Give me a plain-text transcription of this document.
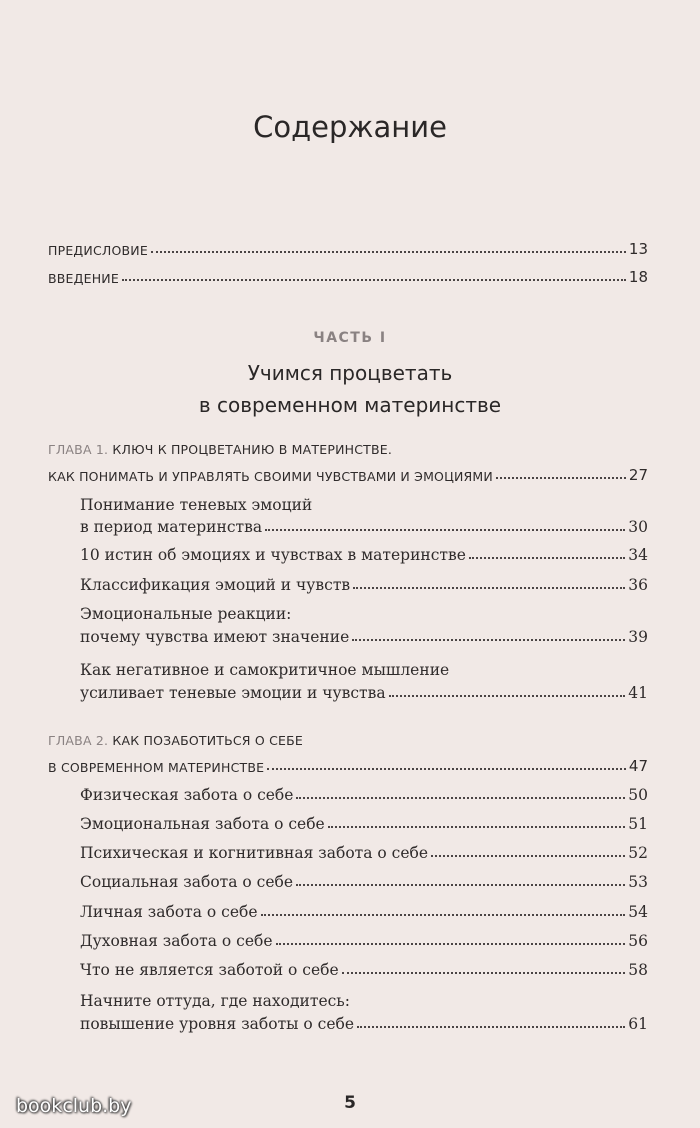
Содержание
ПРЕДИСЛОВИЕ	13
ВВЕДЕНИЕ	18
ЧАСТЬ I
Учимся процветать
в современном материнстве
ГЛАВА 1. КЛЮЧ К ПРОЦВЕТАНИЮ В МАТЕРИНСТВЕ.
КАК ПОНИМАТЬ И УПРАВЛЯТЬ СВОИМИ ЧУВСТВАМИ И ЭМОЦИЯМИ	27
Понимание теневых эмоций
в период материнства	30
10 истин об эмоциях и чувствах в материнстве	34
Классификация эмоций и чувств	36
Эмоциональные реакции:
почему чувства имеют значение	39
Как негативное и самокритичное мышление
усиливает теневые эмоции и чувства	41
ГЛАВА 2. КАК ПОЗАБОТИТЬСЯ О СЕБЕ
В СОВРЕМЕННОМ МАТЕРИНСТВЕ	47
Физическая забота о себе	50
Эмоциональная забота о себе	51
Психическая и когнитивная забота о себе	52
Социальная забота о себе	53
Личная забота о себе	54
Духовная забота о себе	56
Что не является заботой о себе	58
Начните оттуда, где находитесь:
повышение уровня заботы о себе	61
5
bookclub.by
